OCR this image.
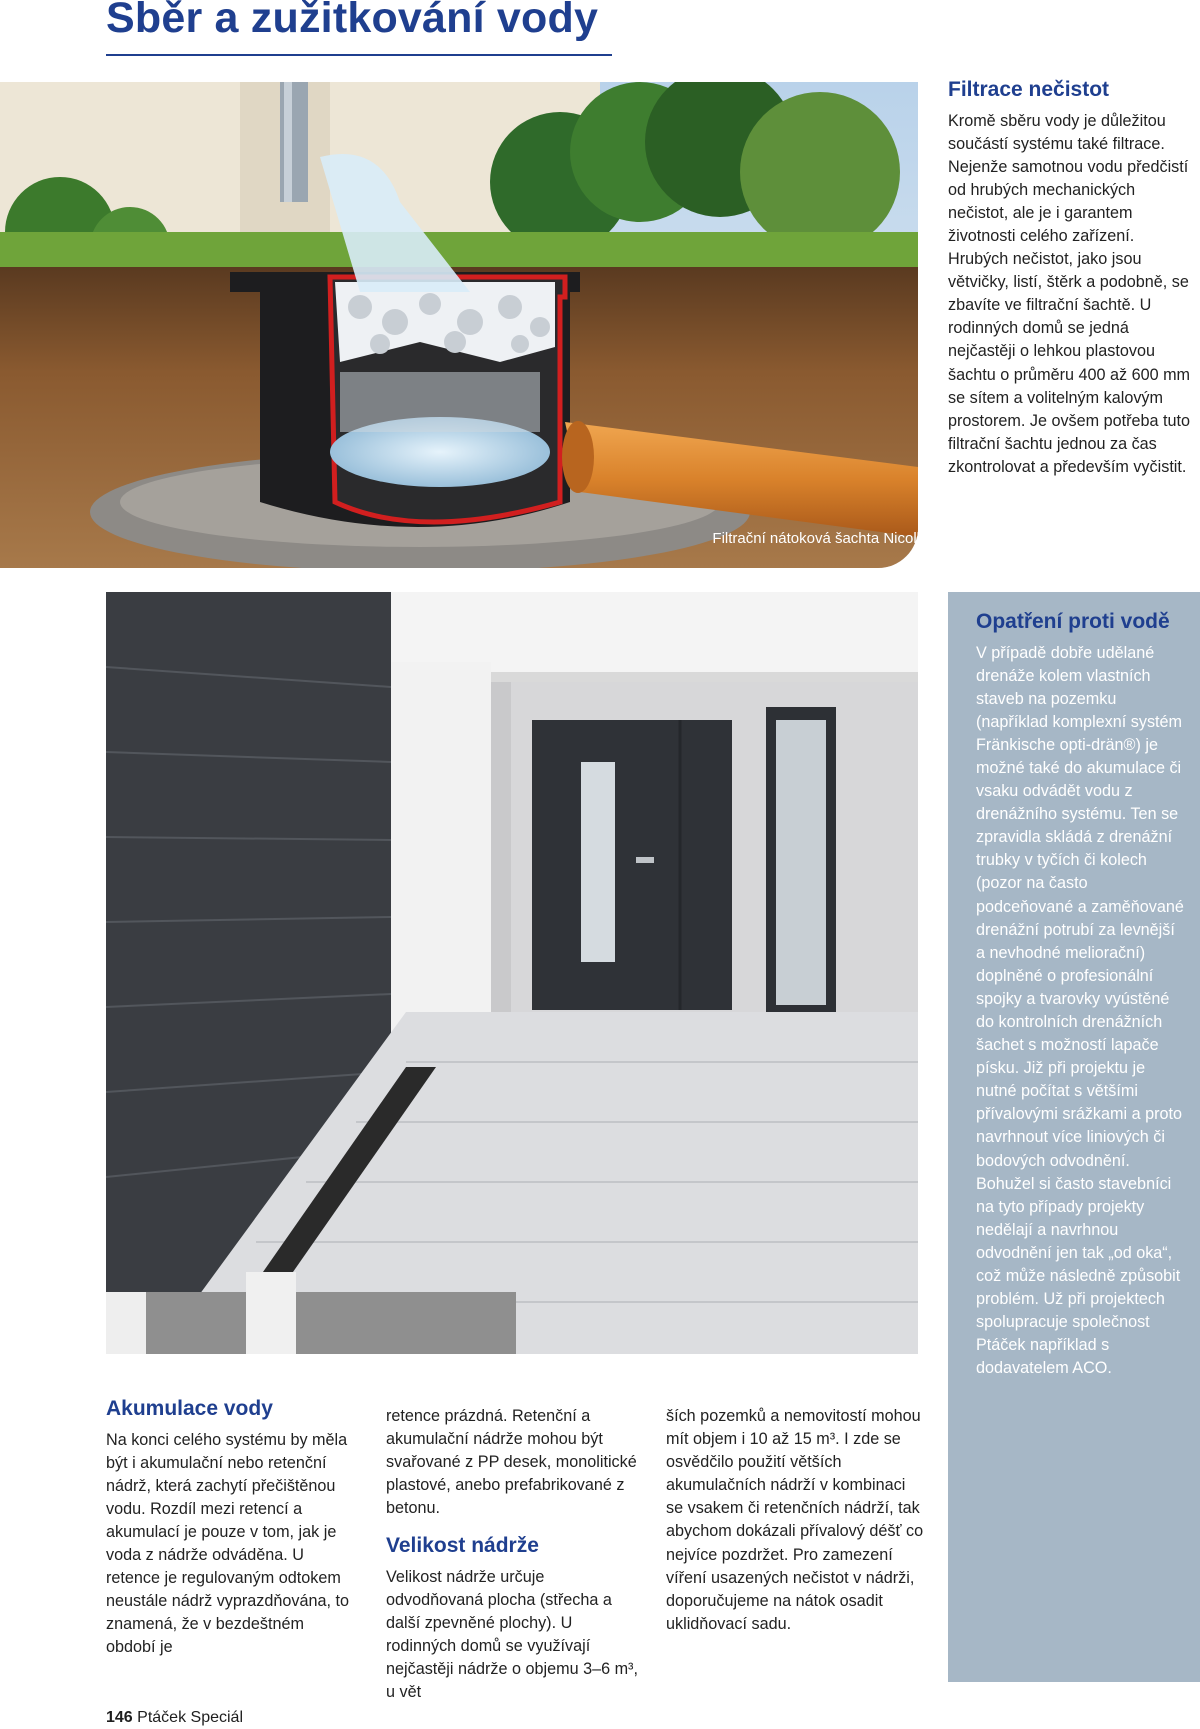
Sběr a zužitkování vody
Filtrační nátoková šachta Nicoll
Filtrace nečistot

Kromě sběru vody je důležitou součástí systému také filtrace. Nejenže samotnou vodu předčistí od hrubých mechanických nečistot, ale je i garantem životnosti celého zařízení. Hrubých nečistot, jako jsou větvičky, listí, štěrk a podobně, se zbavíte ve filtrační šachtě. U rodinných domů se jedná nejčastěji o lehkou plastovou šachtu o průměru 400 až 600 mm se sítem a volitelným kalovým prostorem. Je ovšem potřeba tuto filtrační šachtu jednou za čas zkontrolovat a především vyčistit.

Opatření proti vodě

V případě dobře udělané drenáže kolem vlastních staveb na pozemku (například komplexní systém Fränkische opti-drän®) je možné také do akumulace či vsaku odvádět vodu z drenážního systému. Ten se zpravidla skládá z drenážní trubky v tyčích či kolech (pozor na často podceňované a zaměňované drenážní potrubí za levnější a nevhodné meliorační) doplněné o profesionální spojky a tvarovky vyústěné do kontrolních drenážních šachet s možností lapače písku. Již při projektu je nutné počítat s většími přívalovými srážkami a proto navrhnout více liniových či bodových odvodnění. Bohužel si často stavebníci na tyto případy projekty nedělají a navrhnou odvodnění jen tak „od oka“, což může následně způsobit problém. Už při projektech spolupracuje společnost Ptáček například s dodavatelem ACO.

Akumulace vody

Na konci celého systému by měla být i akumulační nebo retenční nádrž, která zachytí přečištěnou vodu. Rozdíl mezi retencí a akumulací je pouze v tom, jak je voda z nádrže odváděna. U retence je regulovaným odtokem neustále nádrž vyprazdňována, to znamená, že v bezdeštném období je

retence prázdná. Retenční a akumulační nádrže mohou být svařované z PP desek, monolitické plastové, anebo prefabrikované z betonu.

Velikost nádrže

Velikost nádrže určuje odvodňovaná plocha (střecha a další zpevněné plochy). U rodinných domů se využívají nejčastěji nádrže o objemu 3–6 m³, u vět

ších pozemků a nemovitostí mohou mít objem i 10 až 15 m³. I zde se osvědčilo použití větších akumulačních nádrží v kombinaci se vsakem či retenčních nádrží, tak abychom dokázali přívalový déšť co nejvíce pozdržet. Pro zamezení víření usazených nečistot v nádrži, doporučujeme na nátok osadit uklidňovací sadu.

146 Ptáček Speciál
